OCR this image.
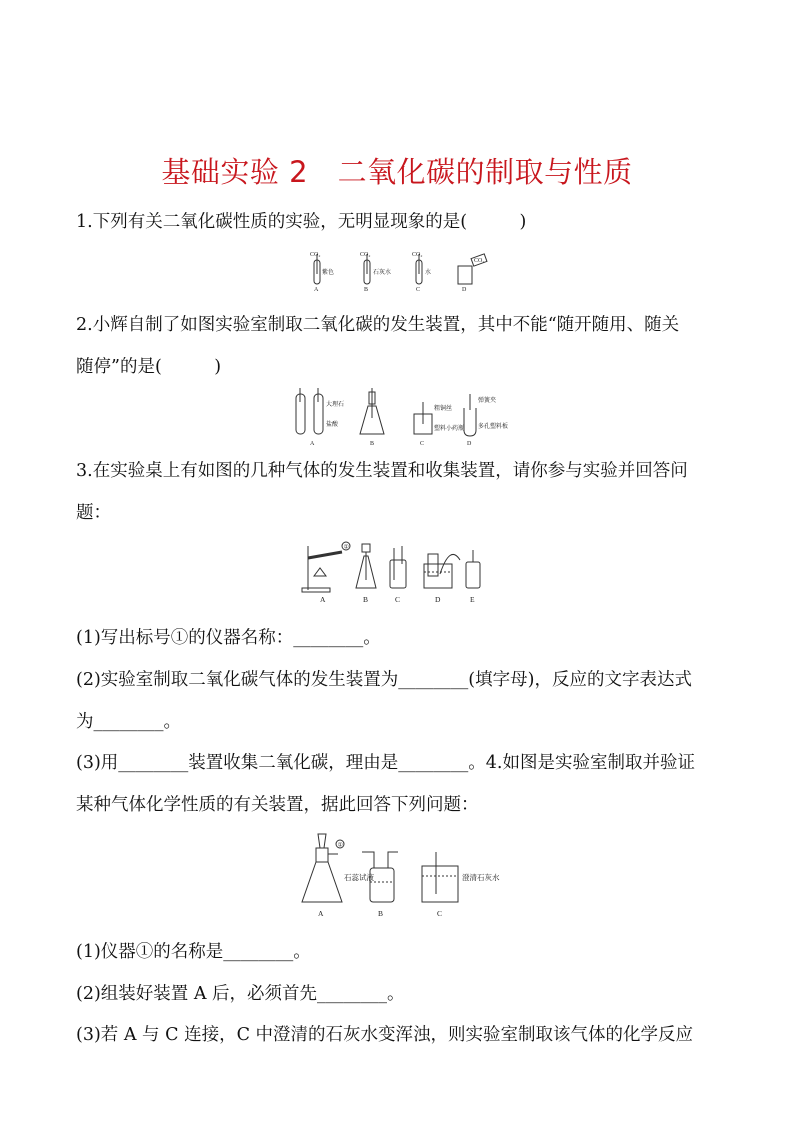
基础实验 2　二氧化碳的制取与性质
1.下列有关二氧化碳性质的实验，无明显现象的是(　　　)
CO₂
紫色
A
CO₂
石灰水
B
CO₂
水
C
CO₂
D
2.小辉自制了如图实验室制取二氧化碳的发生装置，其中不能“随开随用、随关
随停”的是(　　　)
大理石
盐酸
A	B
粗铜丝
塑料小药瓶
C
弹簧夹
多孔塑料板
D
3.在实验桌上有如图的几种气体的发生装置和收集装置，请你参与实验并回答问
题：
①
A	B	C	D	E
(1)写出标号①的仪器名称：________。
(2)实验室制取二氧化碳气体的发生装置为________(填字母)，反应的文字表达式
为________。
(3)用________装置收集二氧化碳，理由是________。4.如图是实验室制取并验证
某种气体化学性质的有关装置，据此回答下列问题：
①
A
石蕊试液
B
澄清石灰水
C
(1)仪器①的名称是________。
(2)组装好装置 A 后，必须首先________。
(3)若 A 与 C 连接，C 中澄清的石灰水变浑浊，则实验室制取该气体的化学反应
